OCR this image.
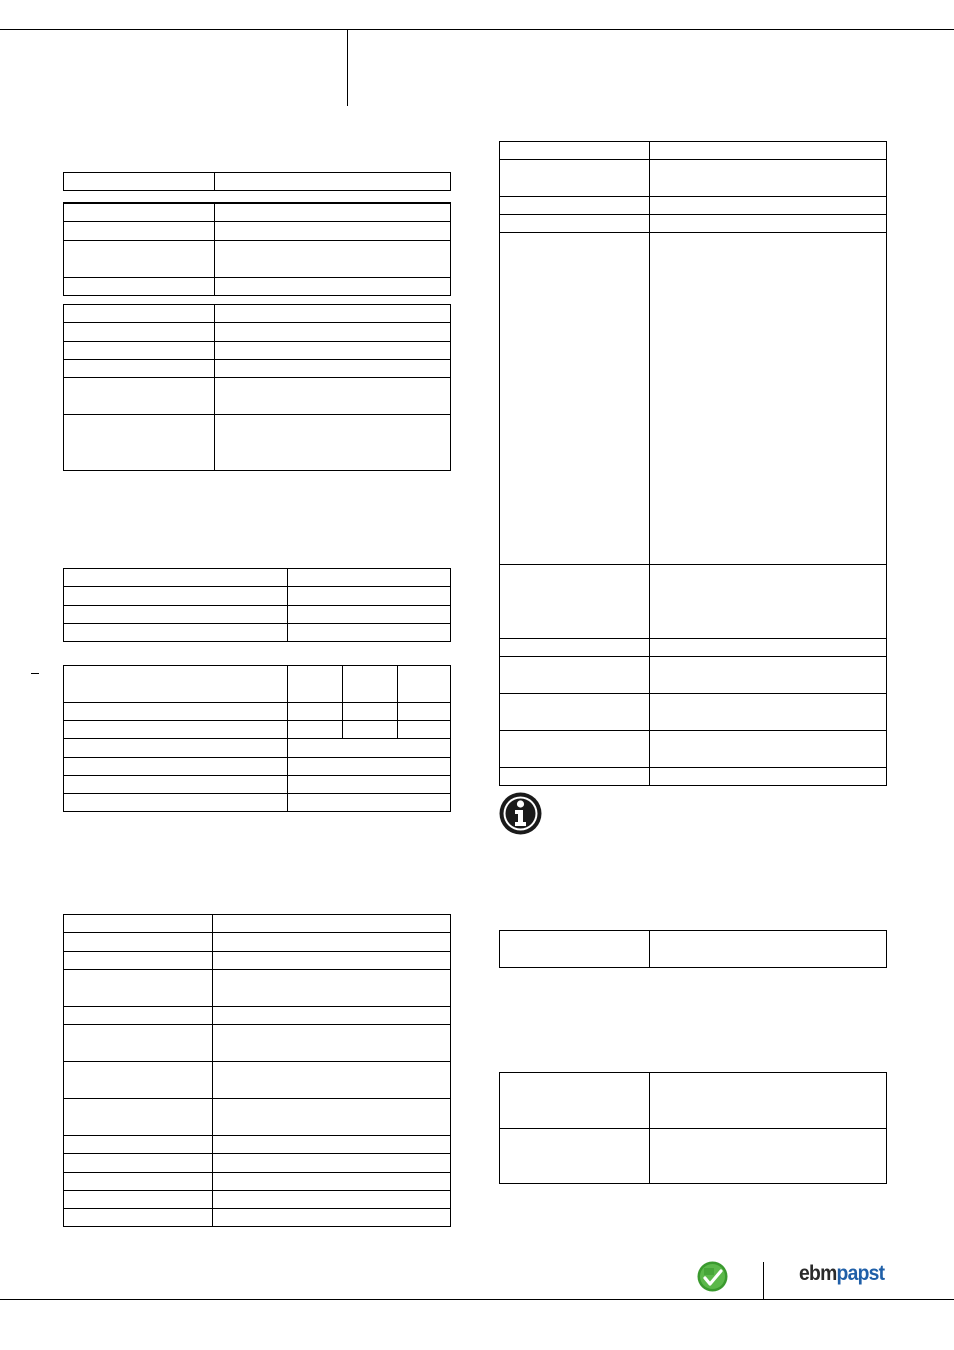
ebmpapst
